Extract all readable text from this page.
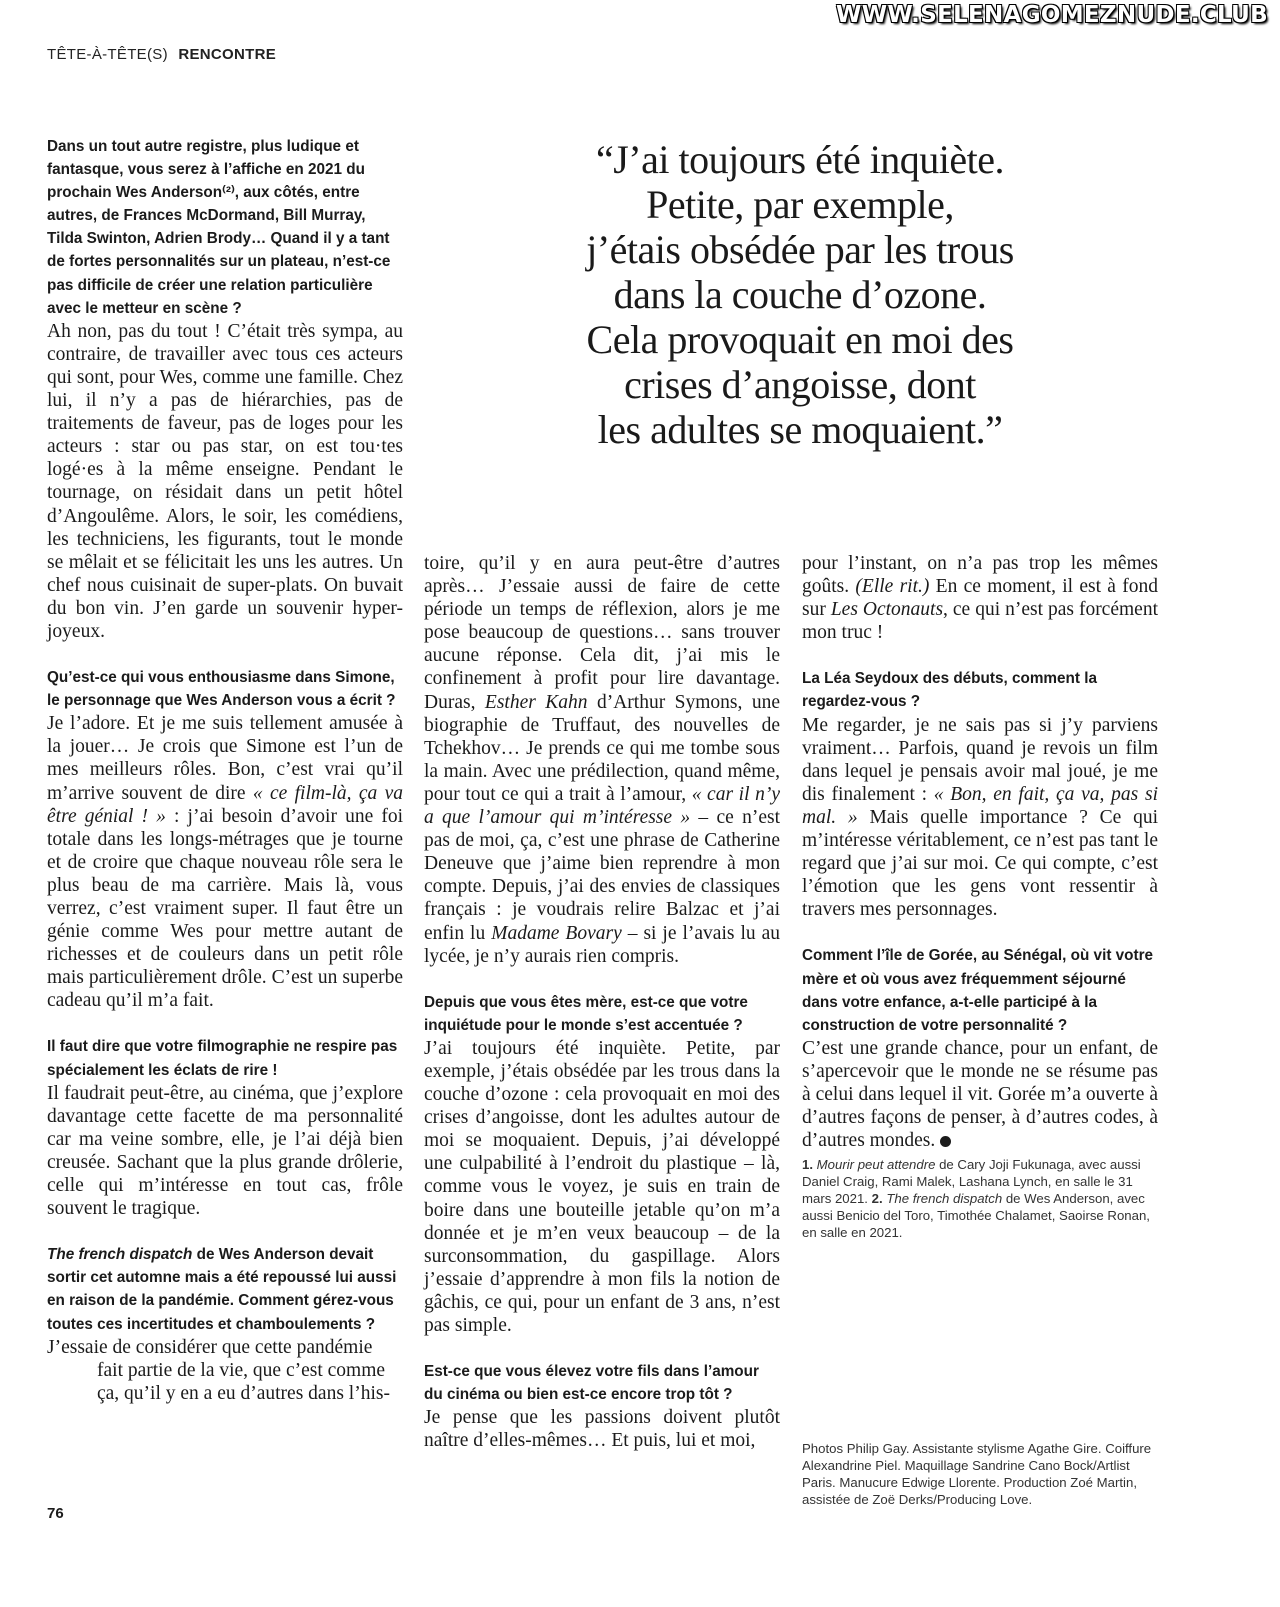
WWW.SELENAGOMEZNUDE.CLUB
TÊTE-À-TÊTE(S) RENCONTRE

Dans un tout autre registre, plus ludique et fantasque, vous serez à l’affiche en 2021 du prochain Wes Anderson⁽²⁾, aux côtés, entre autres, de Frances McDormand, Bill Murray, Tilda Swinton, Adrien Brody… Quand il y a tant de fortes personnalités sur un plateau, n’est-ce pas difficile de créer une relation particulière avec le metteur en scène ?

Ah non, pas du tout ! C’était très sympa, au contraire, de travailler avec tous ces acteurs qui sont, pour Wes, comme une famille. Chez lui, il n’y a pas de hiérarchies, pas de traitements de faveur, pas de loges pour les acteurs : star ou pas star, on est tou·tes logé·es à la même enseigne. Pendant le tournage, on résidait dans un petit hôtel d’Angoulême. Alors, le soir, les comédiens, les techniciens, les figurants, tout le monde se mêlait et se félicitait les uns les autres. Un chef nous cuisinait de super-plats. On buvait du bon vin. J’en garde un souvenir hyper-joyeux.

Qu’est-ce qui vous enthousiasme dans Simone, le personnage que Wes Anderson vous a écrit ?

Je l’adore. Et je me suis tellement amusée à la jouer… Je crois que Simone est l’un de mes meilleurs rôles. Bon, c’est vrai qu’il m’arrive souvent de dire « ce film-là, ça va être génial ! » : j’ai besoin d’avoir une foi totale dans les longs-métrages que je tourne et de croire que chaque nouveau rôle sera le plus beau de ma carrière. Mais là, vous verrez, c’est vraiment super. Il faut être un génie comme Wes pour mettre autant de richesses et de couleurs dans un petit rôle mais particulièrement drôle. C’est un superbe cadeau qu’il m’a fait.

Il faut dire que votre filmographie ne respire pas spécialement les éclats de rire !

Il faudrait peut-être, au cinéma, que j’explore davantage cette facette de ma personnalité car ma veine sombre, elle, je l’ai déjà bien creusée. Sachant que la plus grande drôlerie, celle qui m’intéresse en tout cas, frôle souvent le tragique.

The french dispatch de Wes Anderson devait sortir cet automne mais a été repoussé lui aussi en raison de la pandémie. Comment gérez-vous toutes ces incertitudes et chamboulements ?

J’essaie de considérer que cette pandémie
fait partie de la vie, que c’est comme
ça, qu’il y en a eu d’autres dans l’his-

“J’ai toujours été inquiète.
Petite, par exemple,
j’étais obsédée par les trous
dans la couche d’ozone.
Cela provoquait en moi des
crises d’angoisse, dont
les adultes se moquaient.”

toire, qu’il y en aura peut-être d’autres après… J’essaie aussi de faire de cette période un temps de réflexion, alors je me pose beaucoup de questions… sans trouver aucune réponse. Cela dit, j’ai mis le confinement à profit pour lire davantage. Duras, Esther Kahn d’Arthur Symons, une biographie de Truffaut, des nouvelles de Tchekhov… Je prends ce qui me tombe sous la main. Avec une prédilection, quand même, pour tout ce qui a trait à l’amour, « car il n’y a que l’amour qui m’intéresse » – ce n’est pas de moi, ça, c’est une phrase de Catherine Deneuve que j’aime bien reprendre à mon compte. Depuis, j’ai des envies de classiques français : je voudrais relire Balzac et j’ai enfin lu Madame Bovary – si je l’avais lu au lycée, je n’y aurais rien compris.

Depuis que vous êtes mère, est-ce que votre inquiétude pour le monde s’est accentuée ?

J’ai toujours été inquiète. Petite, par exemple, j’étais obsédée par les trous dans la couche d’ozone : cela provoquait en moi des crises d’angoisse, dont les adultes autour de moi se moquaient. Depuis, j’ai développé une culpabilité à l’endroit du plastique – là, comme vous le voyez, je suis en train de boire dans une bouteille jetable qu’on m’a donnée et je m’en veux beaucoup – de la surconsommation, du gaspillage. Alors j’essaie d’apprendre à mon fils la notion de gâchis, ce qui, pour un enfant de 3 ans, n’est pas simple.

Est-ce que vous élevez votre fils dans l’amour du cinéma ou bien est-ce encore trop tôt ?

Je pense que les passions doivent plutôt naître d’elles-mêmes… Et puis, lui et moi,

pour l’instant, on n’a pas trop les mêmes goûts. (Elle rit.) En ce moment, il est à fond sur Les Octonauts, ce qui n’est pas forcément mon truc !

La Léa Seydoux des débuts, comment la regardez-vous ?

Me regarder, je ne sais pas si j’y parviens vraiment… Parfois, quand je revois un film dans lequel je pensais avoir mal joué, je me dis finalement : « Bon, en fait, ça va, pas si mal. » Mais quelle importance ? Ce qui m’intéresse véritablement, ce n’est pas tant le regard que j’ai sur moi. Ce qui compte, c’est l’émotion que les gens vont ressentir à travers mes personnages.

Comment l’île de Gorée, au Sénégal, où vit votre mère et où vous avez fréquemment séjourné dans votre enfance, a-t-elle participé à la construction de votre personnalité ?

C’est une grande chance, pour un enfant, de s’apercevoir que le monde ne se résume pas à celui dans lequel il vit. Gorée m’a ouverte à d’autres façons de penser, à d’autres codes, à d’autres mondes.

1. Mourir peut attendre de Cary Joji Fukunaga, avec aussi Daniel Craig, Rami Malek, Lashana Lynch, en salle le 31 mars 2021. 2. The french dispatch de Wes Anderson, avec aussi Benicio del Toro, Timothée Chalamet, Saoirse Ronan, en salle en 2021.
Photos Philip Gay. Assistante stylisme Agathe Gire. Coiffure Alexandrine Piel. Maquillage Sandrine Cano Bock/Artlist Paris. Manucure Edwige Llorente. Production Zoé Martin, assistée de Zoë Derks/Producing Love.
76
